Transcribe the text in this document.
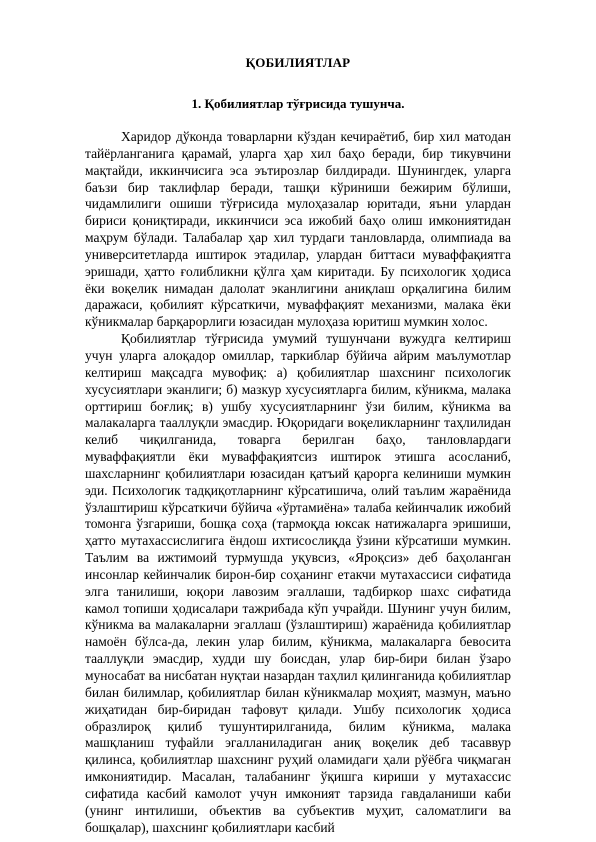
ҚОБИЛИЯТЛАР
1. Қобилиятлар тўғрисида тушунча.

Харидор дўконда товарларни кўздан кечираётиб, бир хил матодан тайёрланганига қарамай, уларга ҳар хил баҳо беради, бир тикувчини мақтайди, иккинчисига эса эътирозлар билдиради. Шунингдек, уларга баъзи бир таклифлар беради, ташқи кўриниши бежирим бўлиши, чидамлилиги ошиши тўғрисида мулоҳазалар юритади, яъни улардан бириси қониқтиради, иккинчиси эса ижобий баҳо олиш имкониятидан маҳрум бўлади. Талабалар ҳар хил турдаги танловларда, олимпиада ва университетларда иштирок этадилар, улардан биттаси муваффақиятга эришади, ҳатто ғолибликни қўлга ҳам киритади. Бу психологик ҳодиса ёки воқелик нимадан далолат эканлигини аниқлаш орқалигина билим даражаси, қобилият кўрсаткичи, муваффақият механизми, малака ёки кўникмалар барқарорлиги юзасидан мулоҳаза юритиш мумкин холос.

Қобилиятлар тўғрисида умумий тушунчани вужудга келтириш учун уларга алоқадор омиллар, таркиблар бўйича айрим маълумотлар келтириш мақсадга мувофиқ: а) қобилиятлар шахснинг психологик хусусиятлари эканлиги; б) мазкур хусусиятларга билим, кўникма, малака орттириш боғлиқ; в) ушбу хусусиятларнинг ўзи билим, кўникма ва малакаларга тааллуқли эмасдир. Юқоридаги воқеликларнинг таҳлилидан келиб чиқилганида, товарга берилган баҳо, танловлардаги муваффақиятли ёки муваффақиятсиз иштирок этишга асосланиб, шахсларнинг қобилиятлари юзасидан қатъий қарорга келиниши мумкин эди. Психологик тадқиқотларнинг кўрсатишича, олий таълим жараёнида ўзлаштириш кўрсаткичи бўйича «ўртамиёна» талаба кейинчалик ижобий томонга ўзгариши, бошқа соҳа (тармоқда юксак натижаларга эришиши, ҳатто мутахассислигига ёндош ихтисослиқда ўзини кўрсатиши мумкин. Таълим ва ижтимоий турмушда уқувсиз, «Яроқсиз» деб баҳоланган инсонлар кейинчалик бирон-бир соҳанинг етакчи мутахассиси сифатида элга танилиши, юқори лавозим эгаллаши, тадбиркор шахс сифатида камол топиши ҳодисалари тажрибада кўп учрайди. Шунинг учун билим, кўникма ва малакаларни эгаллаш (ўзлаштириш) жараёнида қобилиятлар намоён бўлса-да, лекин улар билим, кўникма, малакаларга бевосита тааллуқли эмасдир, худди шу боисдан, улар бир-бири билан ўзаро муносабат ва нисбатан нуқтаи назардан таҳлил қилинганида қобилиятлар билан билимлар, қобилиятлар билан кўникмалар моҳият, мазмун, маъно жиҳатидан бир-биридан тафовут қилади. Ушбу психологик ҳодиса образлироқ қилиб тушунтирилганида, билим кўникма, малака машқланиш туфайли эгалланиладиган аниқ воқелик деб тасаввур қилинса, қобилиятлар шахснинг руҳий оламидаги ҳали рўёбга чиқмаган имкониятидир. Масалан, талабанинг ўқишга кириши у мутахассис сифатида касбий камолот учун имконият тарзида гавдаланиши каби (унинг интилиши, объектив ва субъектив муҳит, саломатлиги ва бошқалар), шахснинг қобилиятлари касбий
